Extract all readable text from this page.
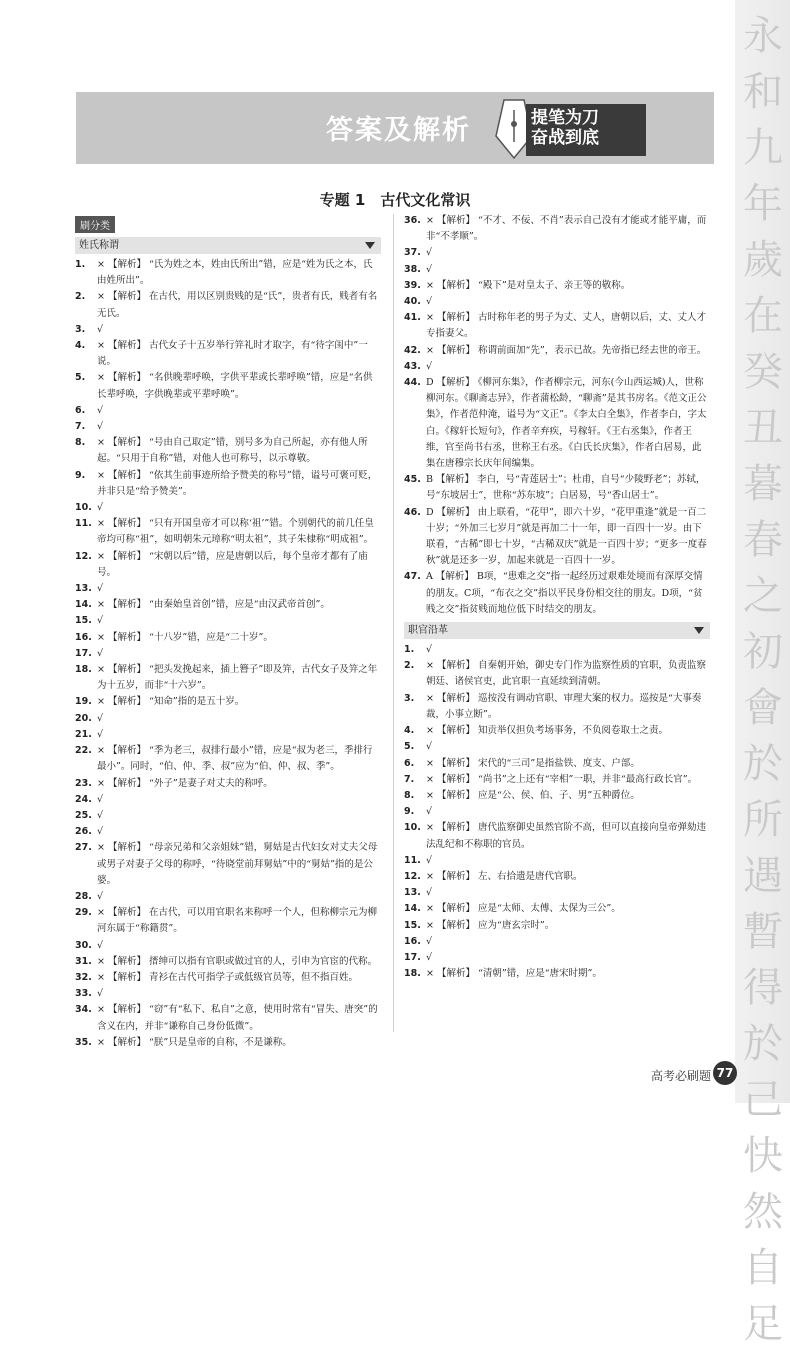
永和九年歲在癸丑暮春之初會於所遇暫得於己快然自足
答案及解析	提笔为刀
奋战到底
专题 1　古代文化常识
刷分类
姓氏称谓
1. × 【解析】 “氏为姓之本，姓由氏所出”错，应是“姓为氏之本，氏由姓所出”。
2. × 【解析】 在古代，用以区别贵贱的是“氏”，贵者有氏，贱者有名无氏。
3. √
4. × 【解析】 古代女子十五岁举行笄礼时才取字，有“待字闺中”一说。
5. × 【解析】 “名供晚辈呼唤，字供平辈或长辈呼唤”错，应是“名供长辈呼唤，字供晚辈或平辈呼唤”。
6. √
7. √
8. × 【解析】 “号由自己取定”错，别号多为自己所起，亦有他人所起。“只用于自称”错，对他人也可称号，以示尊敬。
9. × 【解析】 “依其生前事迹所给予赞美的称号”错，谥号可褒可贬，并非只是“给予赞美”。
10. √
11. × 【解析】 “只有开国皇帝才可以称‘祖’”错。个别朝代的前几任皇帝均可称“祖”，如明朝朱元璋称“明太祖”，其子朱棣称“明成祖”。
12. × 【解析】 “宋朝以后”错，应是唐朝以后，每个皇帝才都有了庙号。
13. √
14. × 【解析】 “由秦始皇首创”错，应是“由汉武帝首创”。
15. √
16. × 【解析】 “十八岁”错，应是“二十岁”。
17. √
18. × 【解析】 “把头发挽起来，插上簪子”即及笄，古代女子及笄之年为十五岁，而非“十六岁”。
19. × 【解析】 “知命”指的是五十岁。
20. √
21. √
22. × 【解析】 “季为老三，叔排行最小”错，应是“叔为老三，季排行最小”。同时，“伯、仲、季、叔”应为“伯、仲、叔、季”。
23. × 【解析】 “外子”是妻子对丈夫的称呼。
24. √
25. √
26. √
27. × 【解析】 “母亲兄弟和父亲姐妹”错，舅姑是古代妇女对丈夫父母或男子对妻子父母的称呼，“待晓堂前拜舅姑”中的“舅姑”指的是公婆。
28. √
29. × 【解析】 在古代，可以用官职名来称呼一个人，但称柳宗元为柳河东属于“称籍贯”。
30. √
31. × 【解析】 搢绅可以指有官职或做过官的人，引申为官宦的代称。
32. × 【解析】 青衫在古代可指学子或低级官员等，但不指百姓。
33. √
34. × 【解析】 “窃”有“私下、私自”之意，使用时常有“冒失、唐突”的含义在内，并非“谦称自己身份低微”。
35. × 【解析】 “朕”只是皇帝的自称，不是谦称。
36. × 【解析】 “不才、不佞、不肖”表示自己没有才能或才能平庸，而非“不孝顺”。
37. √
38. √
39. × 【解析】 “殿下”是对皇太子、亲王等的敬称。
40. √
41. × 【解析】 古时称年老的男子为丈、丈人，唐朝以后，丈、丈人才专指妻父。
42. × 【解析】 称谓前面加“先”，表示已故。先帝指已经去世的帝王。
43. √
44. D 【解析】 《柳河东集》，作者柳宗元，河东(今山西运城)人，世称柳河东。《聊斋志异》，作者蒲松龄，“聊斋”是其书房名。《范文正公集》，作者范仲淹，谥号为“文正”。《李太白全集》，作者李白，字太白。《稼轩长短句》，作者辛弃疾，号稼轩。《王右丞集》，作者王维，官至尚书右丞，世称王右丞。《白氏长庆集》，作者白居易，此集在唐穆宗长庆年间编集。
45. B 【解析】 李白，号“青莲居士”；杜甫，自号“少陵野老”；苏轼，号“东坡居士”，世称“苏东坡”；白居易，号“香山居士”。
46. D 【解析】 由上联看，“花甲”，即六十岁，“花甲重逢”就是一百二十岁；“外加三七岁月”就是再加二十一年，即一百四十一岁。由下联看，“古稀”即七十岁，“古稀双庆”就是一百四十岁；“更多一度春秋”就是还多一岁，加起来就是一百四十一岁。
47. A 【解析】 B项，“患难之交”指一起经历过艰难处境而有深厚交情的朋友。C项，“布衣之交”指以平民身份相交往的朋友。D项，“贫贱之交”指贫贱而地位低下时结交的朋友。
职官沿革
1. √
2. × 【解析】 自秦朝开始，御史专门作为监察性质的官职，负责监察朝廷、诸侯官吏，此官职一直延续到清朝。
3. × 【解析】 巡按没有调动官职、审理大案的权力。巡按是“大事奏裁，小事立断”。
4. × 【解析】 知贡举仅担负考场事务，不负阅卷取士之责。
5. √
6. × 【解析】 宋代的“三司”是指盐铁、度支、户部。
7. × 【解析】 “尚书”之上还有“宰相”一职，并非“最高行政长官”。
8. × 【解析】 应是“公、侯、伯、子、男”五种爵位。
9. √
10. × 【解析】 唐代监察御史虽然官阶不高，但可以直接向皇帝弹劾违法乱纪和不称职的官员。
11. √
12. × 【解析】 左、右拾遗是唐代官职。
13. √
14. × 【解析】 应是“太师、太傅、太保为三公”。
15. × 【解析】 应为“唐玄宗时”。
16. √
17. √
18. × 【解析】 “清朝”错，应是“唐宋时期”。
高考必刷题 77
